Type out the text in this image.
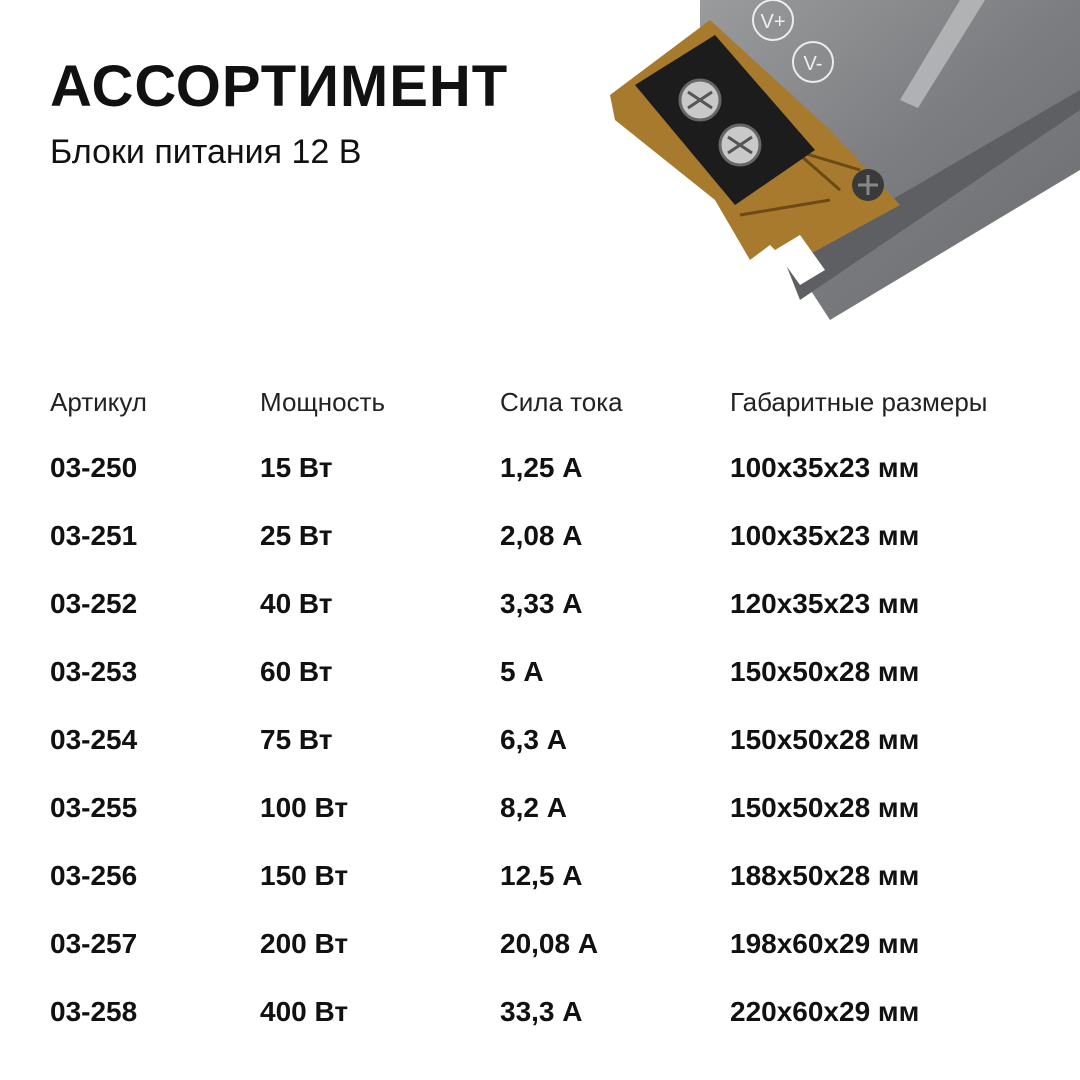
АССОРТИМЕНТ
Блоки питания 12 В
V+
V-
Артикул	Мощность	Сила тока	Габаритные размеры
03-250	15 Вт	1,25 А	100x35x23 мм
03-251	25 Вт	2,08 А	100x35x23 мм
03-252	40 Вт	3,33 А	120x35x23 мм
03-253	60 Вт	5 А	150x50x28 мм
03-254	75 Вт	6,3 А	150x50x28 мм
03-255	100 Вт	8,2 А	150x50x28 мм
03-256	150 Вт	12,5 А	188x50x28 мм
03-257	200 Вт	20,08 А	198x60x29 мм
03-258	400 Вт	33,3 А	220x60x29 мм
